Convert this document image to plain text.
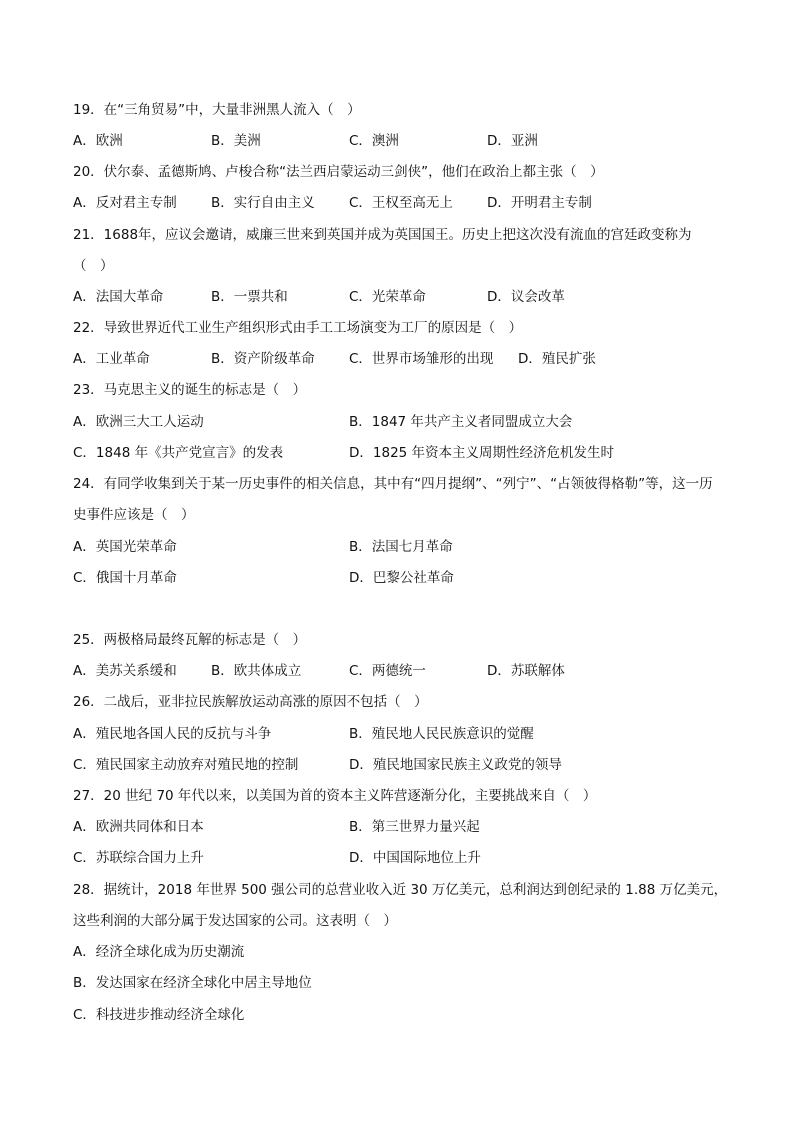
19．在“三角贸易”中，大量非洲黑人流入（　）
A．欧洲	B．美洲	C．澳洲	D．亚洲
20．伏尔泰、孟德斯鸠、卢梭合称“法兰西启蒙运动三剑侠”，他们在政治上都主张（　）
A．反对君主专制	B．实行自由主义	C．王权至高无上	D．开明君主专制
21．1688年，应议会邀请，威廉三世来到英国并成为英国国王。历史上把这次没有流血的宫廷政变称为
（　）
A．法国大革命	B．一票共和	C．光荣革命	D．议会改革
22．导致世界近代工业生产组织形式由手工工场演变为工厂的原因是（　）
A．工业革命	B．资产阶级革命	C．世界市场雏形的出现 D．殖民扩张
23．马克思主义的诞生的标志是（　）
A．欧洲三大工人运动	B．1847 年共产主义者同盟成立大会
C．1848 年《共产党宣言》的发表	D．1825 年资本主义周期性经济危机发生时
24．有同学收集到关于某一历史事件的相关信息，其中有“四月提纲”、“列宁”、“占领彼得格勒”等，这一历
史事件应该是（　）
A．英国光荣革命	B．法国七月革命
C．俄国十月革命	D．巴黎公社革命
25．两极格局最终瓦解的标志是（　）
A．美苏关系缓和	B．欧共体成立	C．两德统一	D．苏联解体
26．二战后，亚非拉民族解放运动高涨的原因不包括（　）
A．殖民地各国人民的反抗与斗争	B．殖民地人民民族意识的觉醒
C．殖民国家主动放弃对殖民地的控制	D．殖民地国家民族主义政党的领导
27．20 世纪 70 年代以来，以美国为首的资本主义阵营逐渐分化，主要挑战来自（　）
A．欧洲共同体和日本	B．第三世界力量兴起
C．苏联综合国力上升	D．中国国际地位上升
28．据统计，2018 年世界 500 强公司的总营业收入近 30 万亿美元，总利润达到创纪录的 1.88 万亿美元，
这些利润的大部分属于发达国家的公司。这表明（　）
A．经济全球化成为历史潮流
B．发达国家在经济全球化中居主导地位
C．科技进步推动经济全球化
